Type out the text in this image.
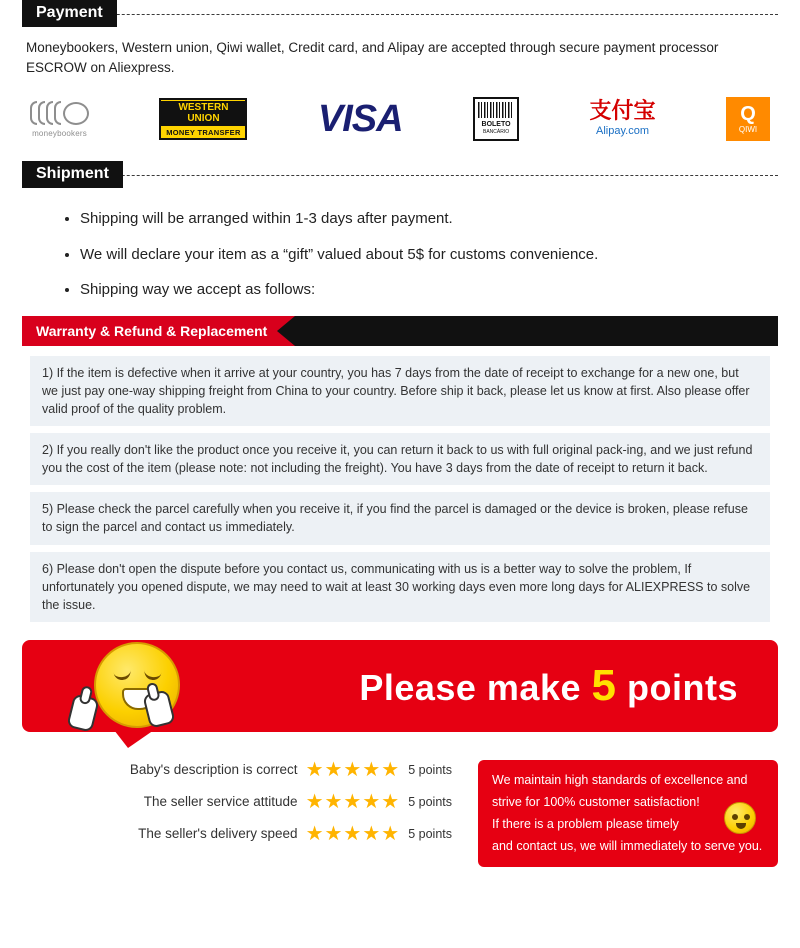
Payment

Moneybookers, Western union, Qiwi wallet, Credit card, and Alipay are accepted through secure payment processor ESCROW on Aliexpress.

moneybookers
WESTERN
UNION
MONEY TRANSFER VISA	BOLETO
BANCÁRIO
支付宝
Alipay.com
Q
QIWI
Shipment
• Shipping will be arranged within 1-3 days after payment.
• We will declare your item as a “gift” valued about 5$ for customs convenience.
• Shipping way we accept as follows:
Warranty & Refund & Replacement
1) If the item is defective when it arrive at your country, you has 7 days from the date of receipt to exchange for a new one, but we just pay one-way shipping freight from China to your country. Before ship it back, please let us know at first. Also please offer valid proof of the quality problem.
2) If you really don't like the product once you receive it, you can return it back to us with full original pack-ing, and we just refund you the cost of the item (please note: not including the freight). You have 3 days from the date of receipt to return it back.
5) Please check the parcel carefully when you receive it, if you find the parcel is damaged or the device is broken, please refuse to sign the parcel and contact us immediately.
6) Please don't open the dispute before you contact us, communicating with us is a better way to solve the problem, If unfortunately you opened dispute, we may need to wait at least 30 working days even more long days for ALIEXPRESS to solve the issue.
Please make 5 points
Baby's description is correct ★★★★★ 5 points
The seller service attitude ★★★★★ 5 points
The seller's delivery speed ★★★★★ 5 points
We maintain high standards of excellence and
strive for 100% customer satisfaction!
If there is a problem please timely
and contact us, we will immediately to serve you.
